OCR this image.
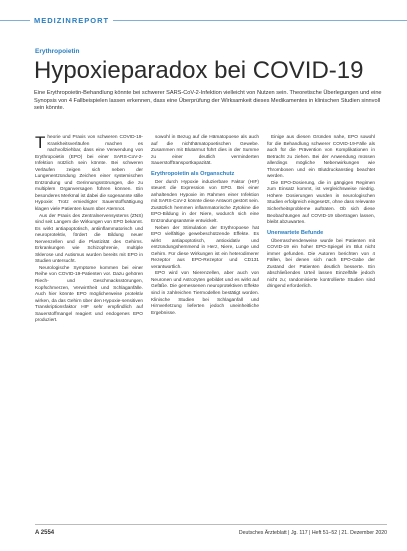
MEDIZINREPORT
Erythropoietin
Hypoxieparadox bei COVID-19
Eine Erythropoietin-Behandlung könnte bei schwerer SARS-CoV-2-Infektion vielleicht von Nutzen sein. Theoretische Überlegungen und eine Synopsis von 4 Fallbeispielen lassen erkennen, dass eine Überprüfung der Wirksamkeit dieses Medikamentes in klinischen Studien sinnvoll sein könnte.

Theorie und Praxis von schweren COVID-19-Krankheitsverläufen machen es nachvollziehbar, dass eine Verwendung von Erythropoietin (EPO) bei einer SARS-CoV-2-Infektion nützlich sein könnte. Bei schweren Verläufen zeigen sich neben der Lungenentzündung Zeichen einer systemischen Entzündung und Gerinnungsstörungen, die zu multiplem Organversagen führen können. Ein besonderes Merkmal ist dabei die sogenannte stille Hypoxie: Trotz erniedrigter Sauerstoffsättigung klagen viele Patienten kaum über Atemnot.

Aus der Praxis des Zentralnervensystems (ZNS) sind seit Langem die Wirkungen von EPO bekannt. Es wirkt antiapoptotisch, antiinflammatorisch und neuroprotektiv, fördert die Bildung neuer Nervenzellen und die Plastizität des Gehirns. Erkrankungen wie Schizophrenie, multiple Sklerose und Autismus wurden bereits mit EPO in Studien untersucht.

Neurologische Symptome kommen bei einer Reihe von COVID-19-Patienten vor. Dazu gehören Riech- und Geschmacksstörungen, Kopfschmerzen, Verwirrtheit und Schlaganfälle. Auch hier könnte EPO möglicherweise protektiv wirken, da das Gehirn über den Hypoxie-sensitiven Transkriptionsfaktor HIF sehr empfindlich auf Sauerstoffmangel reagiert und endogenes EPO produziert.

sowohl in Bezug auf die Hämatopoese als auch auf die nichthämatopoetischen Gewebe. Zusammen mit Blutarmut führt dies in der Summe zu einer deutlich verminderten Sauerstofftransportkapazität.

Erythropoietin als Organschutz

Der durch Hypoxie induzierbare Faktor (HIF) steuert die Expression von EPO. Bei einer anhaltenden Hypoxie im Rahmen einer Infektion mit SARS-CoV-2 könnte diese Antwort gestört sein. Zusätzlich hemmen inflammatorische Zytokine die EPO-Bildung in der Niere, wodurch sich eine Entzündungsanämie entwickelt.

Neben der Stimulation der Erythropoese hat EPO vielfältige gewebeschützende Effekte. Es wirkt antiapoptotisch, antioxidativ und entzündungshemmend in Herz, Niere, Lunge und Gehirn. Für diese Wirkungen ist ein heterodimerer Rezeptor aus EPO-Rezeptor und CD131 verantwortlich.

EPO wird von Nierenzellen, aber auch von Neuronen und Astrozyten gebildet und es wirkt auf Gefäße. Die gemessenen neuroprotektiven Effekte sind in zahlreichen Tiermodellen bestätigt worden. Klinische Studien bei Schlaganfall und Hirnverletzung lieferten jedoch uneinheitliche Ergebnisse.

Einige aus diesen Gründen nahe, EPO sowohl für die Behandlung schwerer COVID-19-Fälle als auch für die Prävention von Komplikationen in Betracht zu ziehen. Bei der Anwendung müssen allerdings mögliche Nebenwirkungen wie Thrombosen und ein Blutdruckanstieg beachtet werden.

Die EPO-Dosierung, die in gängigen Regimen zum Einsatz kommt, ist vergleichsweise niedrig. Höhere Dosierungen wurden in neurologischen Studien erfolgreich eingesetzt, ohne dass relevante Sicherheitsprobleme auftraten. Ob sich diese Beobachtungen auf COVID-19 übertragen lassen, bleibt abzuwarten.

Unerwartete Befunde

Überraschenderweise wurde bei Patienten mit COVID-19 ein hoher EPO-Spiegel im Blut nicht immer gefunden. Die Autoren berichten von 4 Fällen, bei denen sich nach EPO-Gabe der Zustand der Patienten deutlich besserte. Ein abschließendes Urteil lassen Einzelfälle jedoch nicht zu; randomisierte kontrollierte Studien sind dringend erforderlich.

A 2554	Deutsches Ärzteblatt | Jg. 117 | Heft 51–52 | 21. Dezember 2020
